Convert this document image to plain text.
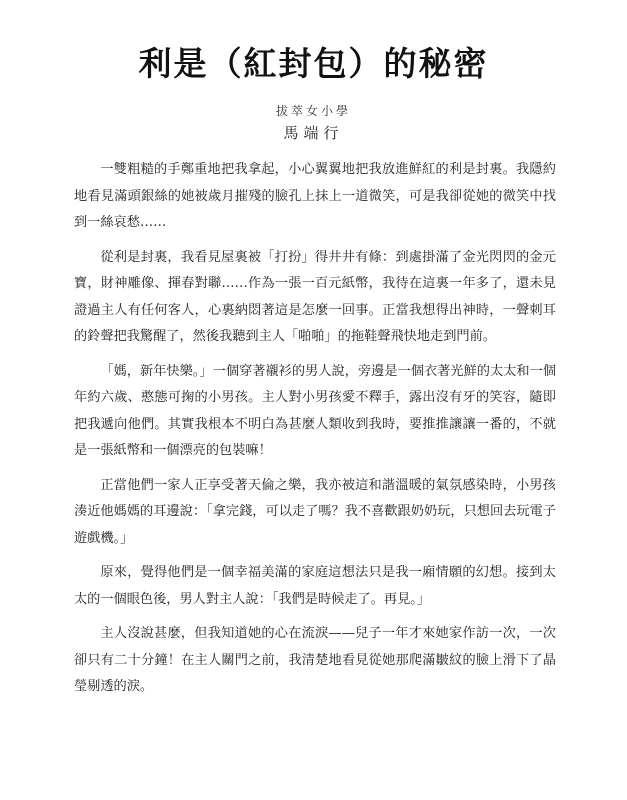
利是（紅封包）的秘密
拔萃女小學
馬端行

一雙粗糙的手鄭重地把我拿起，小心翼翼地把我放進鮮紅的利是封裏。我隱約地看見滿頭銀絲的她被歲月摧殘的臉孔上抹上一道微笑，可是我卻從她的微笑中找到一絲哀愁……

從利是封裏，我看見屋裏被「打扮」得井井有條：到處掛滿了金光閃閃的金元寶，財神雕像、揮春對聯……作為一張一百元紙幣，我待在這裏一年多了，還未見證過主人有任何客人，心裏納悶著這是怎麼一回事。正當我想得出神時，一聲刺耳的鈴聲把我驚醒了，然後我聽到主人「啪啪」的拖鞋聲飛快地走到門前。

「媽，新年快樂。」一個穿著襯衫的男人說，旁邊是一個衣著光鮮的太太和一個年約六歲、憨態可掬的小男孩。主人對小男孩愛不釋手，露出沒有牙的笑容，隨即把我遞向他們。其實我根本不明白為甚麼人類收到我時，要推推讓讓一番的，不就是一張紙幣和一個漂亮的包裝嘛！

正當他們一家人正享受著天倫之樂，我亦被這和諧溫暖的氣氛感染時，小男孩湊近他媽媽的耳邊說：「拿完錢，可以走了嗎？我不喜歡跟奶奶玩，只想回去玩電子遊戲機。」

原來，覺得他們是一個幸福美滿的家庭這想法只是我一廂情願的幻想。接到太太的一個眼色後，男人對主人說：「我們是時候走了。再見。」

主人沒說甚麼，但我知道她的心在流淚——兒子一年才來她家作訪一次，一次卻只有二十分鐘！在主人關門之前，我清楚地看見從她那爬滿皺紋的臉上滑下了晶瑩剔透的淚。
